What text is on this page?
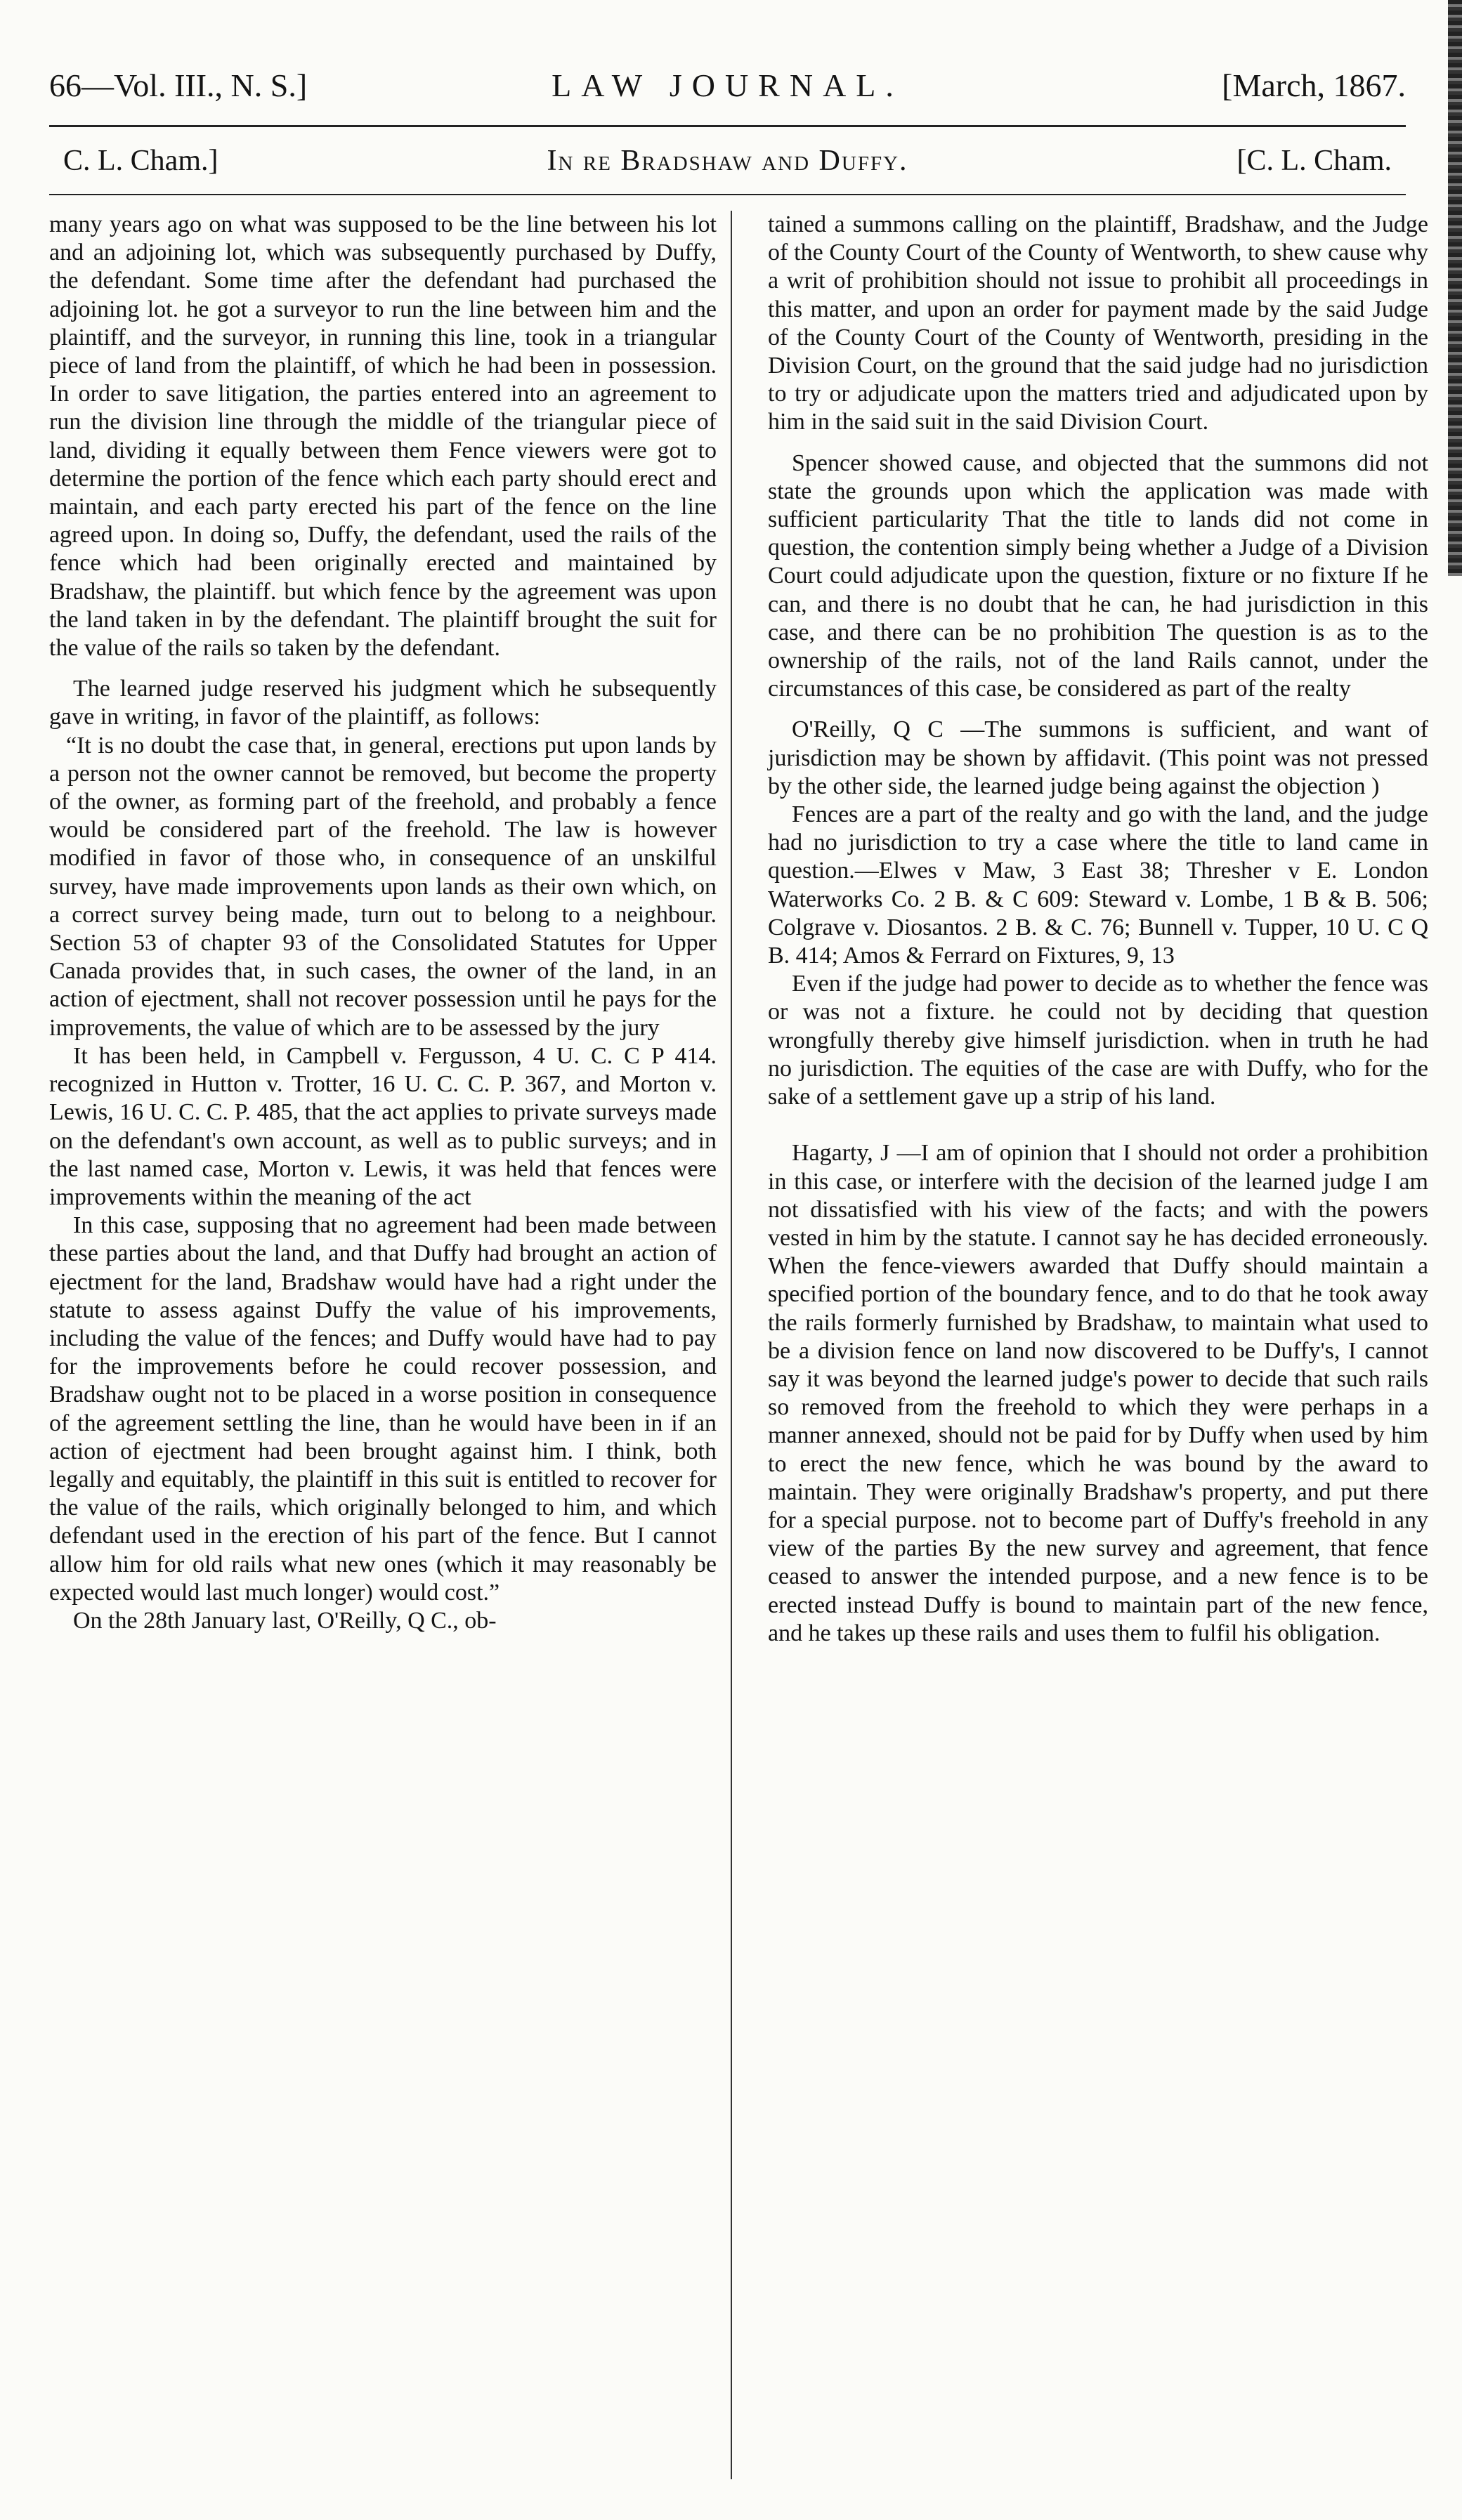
66—Vol. III., N. S.]	LAW JOURNAL.	[March, 1867.
C. L. Cham.]	In re Bradshaw and Duffy.	[C. L. Cham.

many years ago on what was supposed to be the line between his lot and an adjoining lot, which was subsequently purchased by Duffy, the defendant. Some time after the defendant had purchased the adjoining lot. he got a surveyor to run the line between him and the plaintiff, and the surveyor, in running this line, took in a triangular piece of land from the plaintiff, of which he had been in possession. In order to save litigation, the parties entered into an agreement to run the division line through the middle of the triangular piece of land, dividing it equally between them Fence viewers were got to determine the portion of the fence which each party should erect and maintain, and each party erected his part of the fence on the line agreed upon. In doing so, Duffy, the defendant, used the rails of the fence which had been originally erected and maintained by Bradshaw, the plaintiff. but which fence by the agreement was upon the land taken in by the defendant. The plaintiff brought the suit for the value of the rails so taken by the defendant.

The learned judge reserved his judgment which he subsequently gave in writing, in favor of the plaintiff, as follows:

“It is no doubt the case that, in general, erections put upon lands by a person not the owner cannot be removed, but become the property of the owner, as forming part of the freehold, and probably a fence would be considered part of the freehold. The law is however modified in favor of those who, in consequence of an unskilful survey, have made improvements upon lands as their own which, on a correct survey being made, turn out to belong to a neighbour. Section 53 of chapter 93 of the Consolidated Statutes for Upper Canada provides that, in such cases, the owner of the land, in an action of ejectment, shall not recover possession until he pays for the improvements, the value of which are to be assessed by the jury

It has been held, in Campbell v. Fergusson, 4 U. C. C P 414. recognized in Hutton v. Trotter, 16 U. C. C. P. 367, and Morton v. Lewis, 16 U. C. C. P. 485, that the act applies to private surveys made on the defendant's own account, as well as to public surveys; and in the last named case, Morton v. Lewis, it was held that fences were improvements within the meaning of the act

In this case, supposing that no agreement had been made between these parties about the land, and that Duffy had brought an action of ejectment for the land, Bradshaw would have had a right under the statute to assess against Duffy the value of his improvements, including the value of the fences; and Duffy would have had to pay for the improvements before he could recover possession, and Bradshaw ought not to be placed in a worse position in consequence of the agreement settling the line, than he would have been in if an action of ejectment had been brought against him. I think, both legally and equitably, the plaintiff in this suit is entitled to recover for the value of the rails, which originally belonged to him, and which defendant used in the erection of his part of the fence. But I cannot allow him for old rails what new ones (which it may reasonably be expected would last much longer) would cost.”

On the 28th January last, O'Reilly, Q C., ob-

tained a summons calling on the plaintiff, Bradshaw, and the Judge of the County Court of the County of Wentworth, to shew cause why a writ of prohibition should not issue to prohibit all proceedings in this matter, and upon an order for payment made by the said Judge of the County Court of the County of Wentworth, presiding in the Division Court, on the ground that the said judge had no jurisdiction to try or adjudicate upon the matters tried and adjudicated upon by him in the said suit in the said Division Court.

Spencer showed cause, and objected that the summons did not state the grounds upon which the application was made with sufficient particularity That the title to lands did not come in question, the contention simply being whether a Judge of a Division Court could adjudicate upon the question, fixture or no fixture If he can, and there is no doubt that he can, he had jurisdiction in this case, and there can be no prohibition The question is as to the ownership of the rails, not of the land Rails cannot, under the circumstances of this case, be considered as part of the realty

O'Reilly, Q C —The summons is sufficient, and want of jurisdiction may be shown by affidavit. (This point was not pressed by the other side, the learned judge being against the objection )

Fences are a part of the realty and go with the land, and the judge had no jurisdiction to try a case where the title to land came in question.—Elwes v Maw, 3 East 38; Thresher v E. London Waterworks Co. 2 B. & C 609: Steward v. Lombe, 1 B & B. 506; Colgrave v. Diosantos. 2 B. & C. 76; Bunnell v. Tupper, 10 U. C Q B. 414; Amos & Ferrard on Fixtures, 9, 13

Even if the judge had power to decide as to whether the fence was or was not a fixture. he could not by deciding that question wrongfully thereby give himself jurisdiction. when in truth he had no jurisdiction. The equities of the case are with Duffy, who for the sake of a settlement gave up a strip of his land.

Hagarty, J —I am of opinion that I should not order a prohibition in this case, or interfere with the decision of the learned judge I am not dissatisfied with his view of the facts; and with the powers vested in him by the statute. I cannot say he has decided erroneously. When the fence-viewers awarded that Duffy should maintain a specified portion of the boundary fence, and to do that he took away the rails formerly furnished by Bradshaw, to maintain what used to be a division fence on land now discovered to be Duffy's, I cannot say it was beyond the learned judge's power to decide that such rails so removed from the freehold to which they were perhaps in a manner annexed, should not be paid for by Duffy when used by him to erect the new fence, which he was bound by the award to maintain. They were originally Bradshaw's property, and put there for a special purpose. not to become part of Duffy's freehold in any view of the parties By the new survey and agreement, that fence ceased to answer the intended purpose, and a new fence is to be erected instead Duffy is bound to maintain part of the new fence, and he takes up these rails and uses them to fulfil his obligation.
